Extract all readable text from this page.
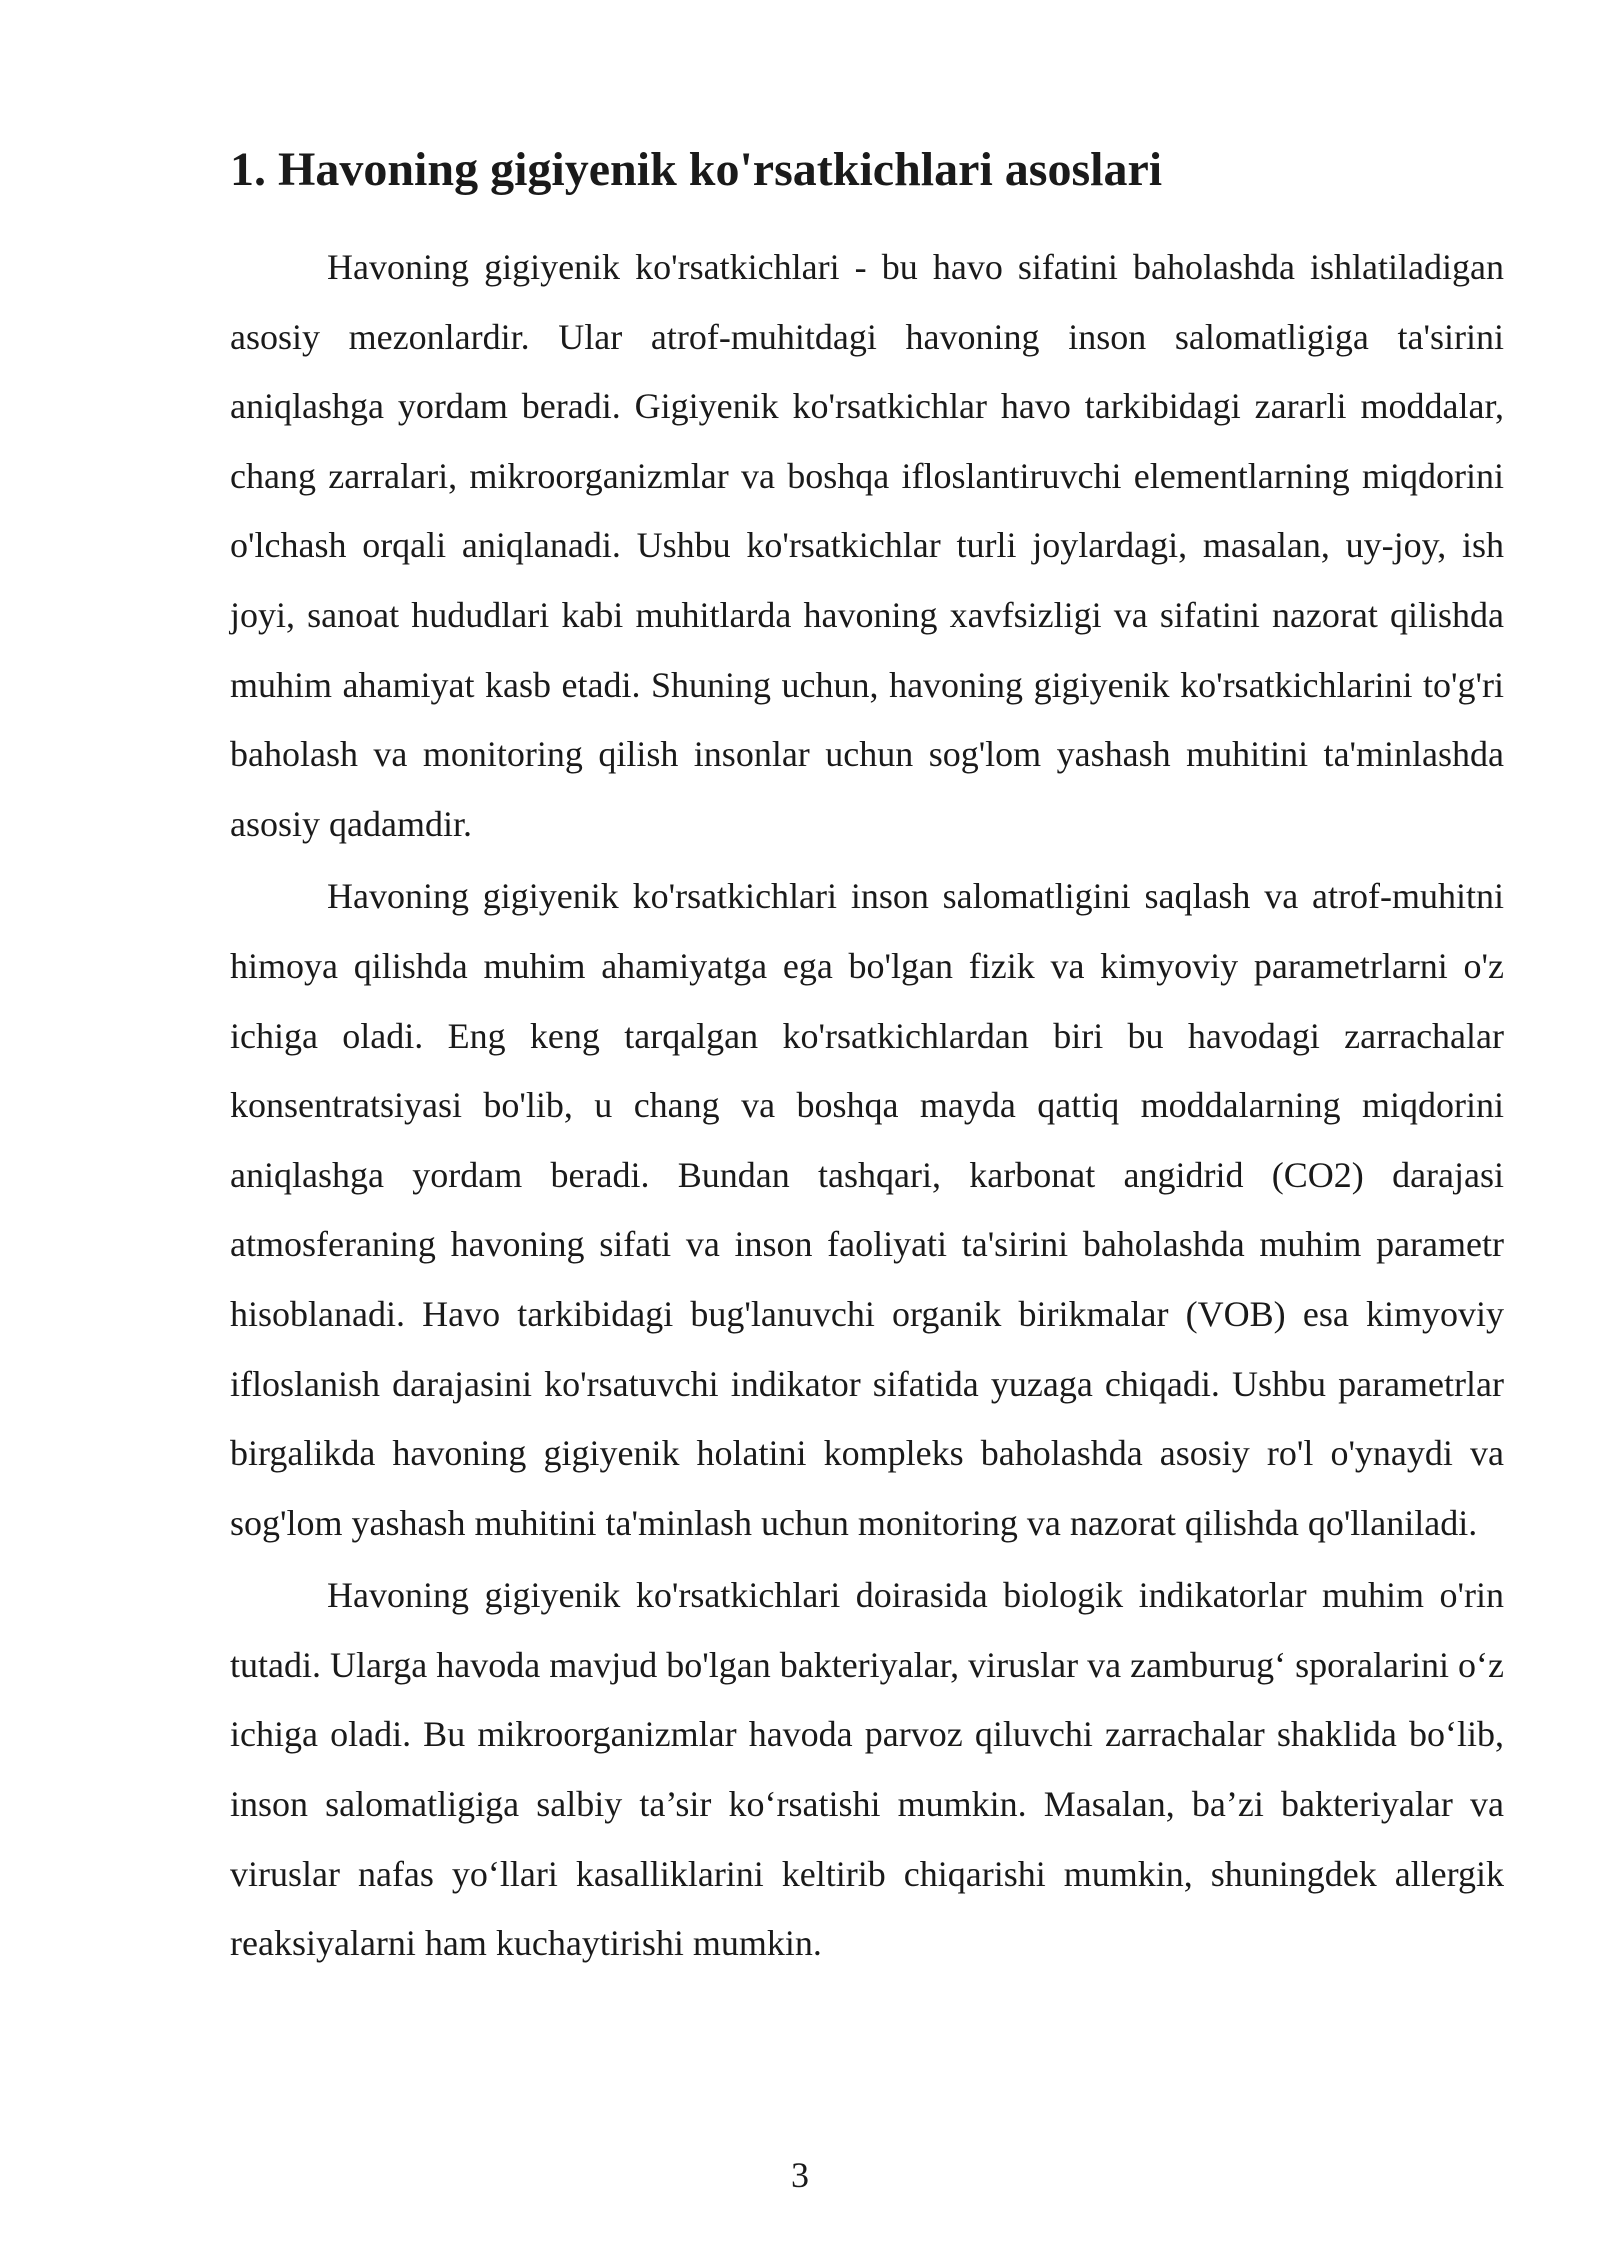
1. Havoning gigiyenik ko'rsatkichlari asoslari

Havoning gigiyenik ko'rsatkichlari - bu havo sifatini baholashda ishlatiladigan asosiy mezonlardir. Ular atrof-muhitdagi havoning inson salomatligiga ta'sirini aniqlashga yordam beradi. Gigiyenik ko'rsatkichlar havo tarkibidagi zararli moddalar, chang zarralari, mikroorganizmlar va boshqa ifloslantiruvchi elementlarning miqdorini o'lchash orqali aniqlanadi. Ushbu ko'rsatkichlar turli joylardagi, masalan, uy-joy, ish joyi, sanoat hududlari kabi muhitlarda havoning xavfsizligi va sifatini nazorat qilishda muhim ahamiyat kasb etadi. Shuning uchun, havoning gigiyenik ko'rsatkichlarini to'g'ri baholash va monitoring qilish insonlar uchun sog'lom yashash muhitini ta'minlashda asosiy qadamdir.

Havoning gigiyenik ko'rsatkichlari inson salomatligini saqlash va atrof-muhitni himoya qilishda muhim ahamiyatga ega bo'lgan fizik va kimyoviy parametrlarni o'z ichiga oladi. Eng keng tarqalgan ko'rsatkichlardan biri bu havodagi zarrachalar konsentratsiyasi bo'lib, u chang va boshqa mayda qattiq moddalarning miqdorini aniqlashga yordam beradi. Bundan tashqari, karbonat angidrid (CO2) darajasi atmosferaning havoning sifati va inson faoliyati ta'sirini baholashda muhim parametr hisoblanadi. Havo tarkibidagi bug'lanuvchi organik birikmalar (VOB) esa kimyoviy ifloslanish darajasini ko'rsatuvchi indikator sifatida yuzaga chiqadi. Ushbu parametrlar birgalikda havoning gigiyenik holatini kompleks baholashda asosiy ro'l o'ynaydi va sog'lom yashash muhitini ta'minlash uchun monitoring va nazorat qilishda qo'llaniladi.

Havoning gigiyenik ko'rsatkichlari doirasida biologik indikatorlar muhim o'rin tutadi. Ularga havoda mavjud bo'lgan bakteriyalar, viruslar va zamburug‘ sporalarini o‘z ichiga oladi. Bu mikroorganizmlar havoda parvoz qiluvchi zarrachalar shaklida bo‘lib, inson salomatligiga salbiy ta’sir ko‘rsatishi mumkin. Masalan, ba’zi bakteriyalar va viruslar nafas yo‘llari kasalliklarini keltirib chiqarishi mumkin, shuningdek allergik reaksiyalarni ham kuchaytirishi mumkin.

3
